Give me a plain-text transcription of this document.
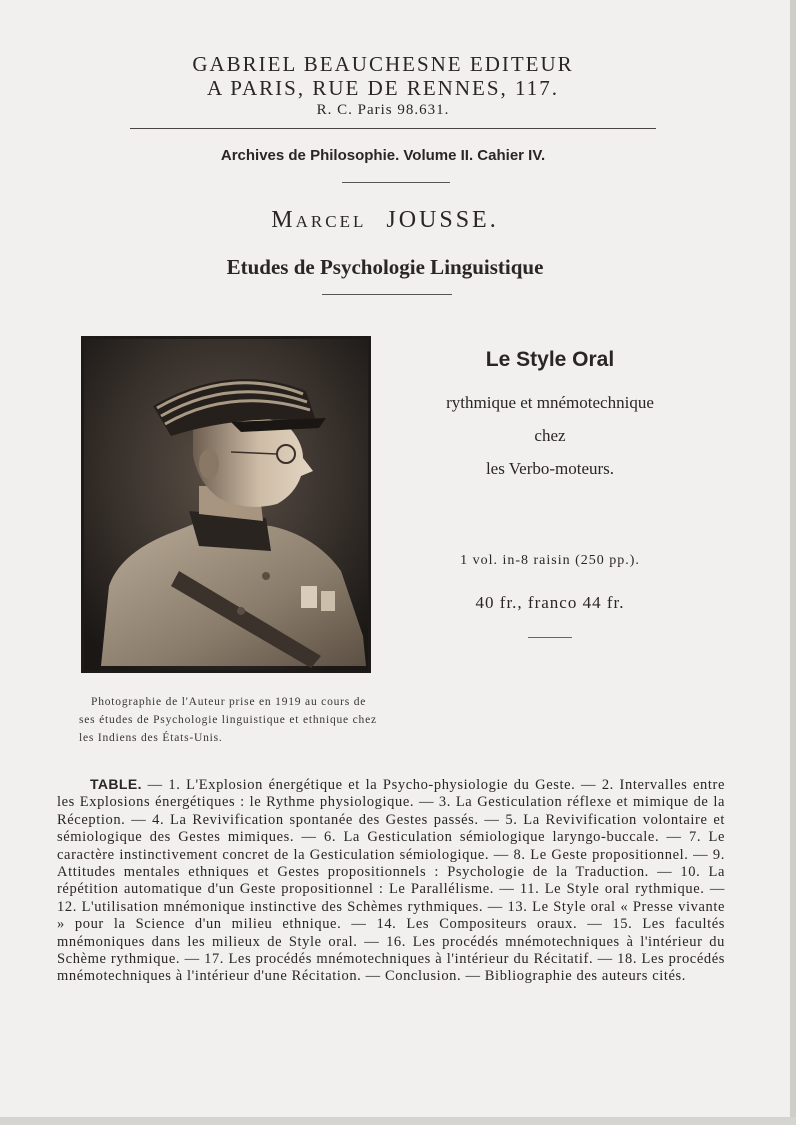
GABRIEL BEAUCHESNE EDITEUR
A PARIS, RUE DE RENNES, 117.
R. C. Paris 98.631.
Archives de Philosophie. Volume II. Cahier IV.
Marcel JOUSSE.
Etudes de Psychologie Linguistique
Le Style Oral
rythmique et mnémotechnique
chez
les Verbo-moteurs.
1 vol. in-8 raisin (250 pp.).
40 fr., franco 44 fr.
Photographie de l'Auteur prise en 1919 au cours de ses études de Psychologie linguistique et ethnique chez les Indiens des États-Unis.
TABLE. — 1. L'Explosion énergétique et la Psycho-physiologie du Geste. — 2. Intervalles entre les Explosions énergétiques : le Rythme physiologique. — 3. La Gesticulation réflexe et mimique de la Réception. — 4. La Revivification spontanée des Gestes passés. — 5. La Revivification volontaire et sémiologique des Gestes mimiques. — 6. La Gesticulation sémiologique laryngo-buccale. — 7. Le caractère instinctivement concret de la Gesticulation sémiologique. — 8. Le Geste propositionnel. — 9. Attitudes mentales ethniques et Gestes propositionnels : Psychologie de la Traduction. — 10. La répétition automatique d'un Geste propositionnel : Le Parallélisme. — 11. Le Style oral rythmique. — 12. L'utilisation mnémonique instinctive des Schèmes rythmiques. — 13. Le Style oral « Presse vivante » pour la Science d'un milieu ethnique. — 14. Les Compositeurs oraux. — 15. Les facultés mnémoniques dans les milieux de Style oral. — 16. Les procédés mnémotechniques à l'intérieur du Schème rythmique. — 17. Les procédés mnémotechniques à l'intérieur du Récitatif. — 18. Les procédés mnémotechniques à l'intérieur d'une Récitation. — Conclusion. — Bibliographie des auteurs cités.
